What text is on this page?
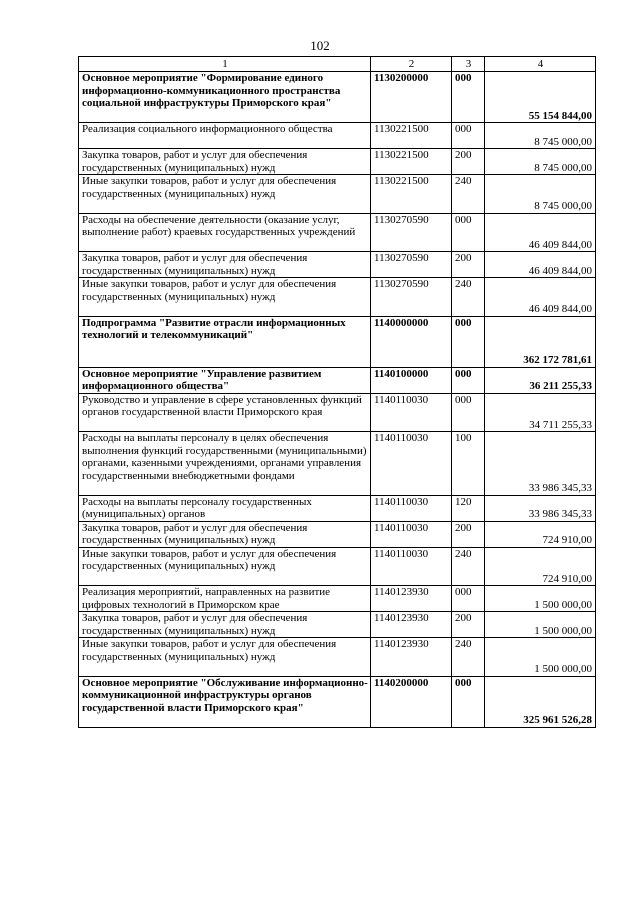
102
1	2	3	4
Основное мероприятие "Формирование единого информационно-коммуникационного пространства социальной инфраструктуры Приморского края"	1130200000	000	55 154 844,00
Реализация социального информационного общества	1130221500	000	8 745 000,00
Закупка товаров, работ и услуг для обеспечения государственных (муниципальных) нужд	1130221500	200	8 745 000,00
Иные закупки товаров, работ и услуг для обеспечения государственных (муниципальных) нужд	1130221500	240	8 745 000,00
Расходы на обеспечение деятельности (оказание услуг, выполнение работ) краевых государственных учреждений	1130270590	000	46 409 844,00
Закупка товаров, работ и услуг для обеспечения государственных (муниципальных) нужд	1130270590	200	46 409 844,00
Иные закупки товаров, работ и услуг для обеспечения государственных (муниципальных) нужд	1130270590	240	46 409 844,00
Подпрограмма "Развитие отрасли информационных технологий и телекоммуникаций"	1140000000	000	362 172 781,61
Основное мероприятие "Управление развитием информационного общества"	1140100000	000	36 211 255,33
Руководство и управление в сфере установленных функций органов государственной власти Приморского края	1140110030	000	34 711 255,33
Расходы на выплаты персоналу в целях обеспечения выполнения функций государственными (муниципальными) органами, казенными учреждениями, органами управления государственными внебюджетными фондами	1140110030	100	33 986 345,33
Расходы на выплаты персоналу государственных (муниципальных) органов	1140110030	120	33 986 345,33
Закупка товаров, работ и услуг для обеспечения государственных (муниципальных) нужд	1140110030	200	724 910,00
Иные закупки товаров, работ и услуг для обеспечения государственных (муниципальных) нужд	1140110030	240	724 910,00
Реализация мероприятий, направленных на развитие цифровых технологий в Приморском крае	1140123930	000	1 500 000,00
Закупка товаров, работ и услуг для обеспечения государственных (муниципальных) нужд	1140123930	200	1 500 000,00
Иные закупки товаров, работ и услуг для обеспечения государственных (муниципальных) нужд	1140123930	240	1 500 000,00
Основное мероприятие "Обслуживание информационно-коммуникационной инфраструктуры органов государственной власти Приморского края"	1140200000	000	325 961 526,28
